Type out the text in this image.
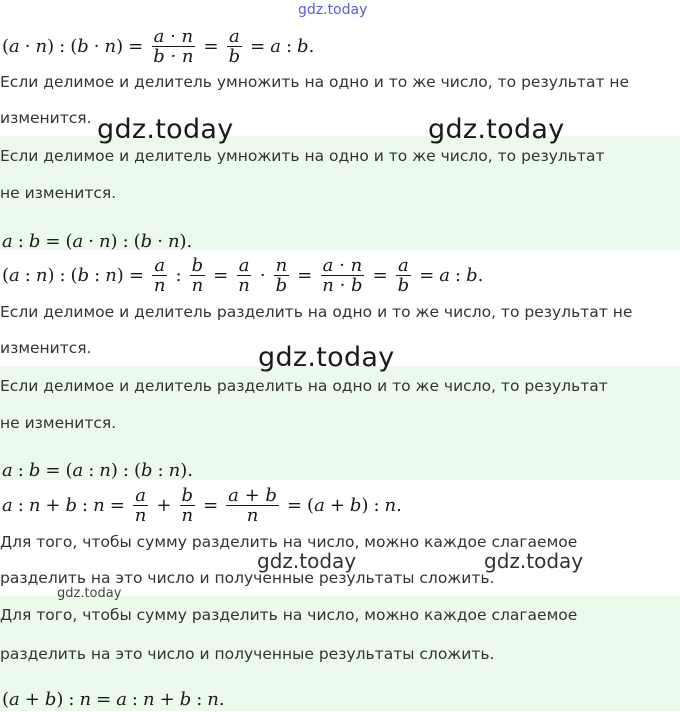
(a · n) : $(b \cdot n) = \frac{a \cdot n}{b \cdot n} = \frac{a}{b} = a$ : b .
Если делимое и делитель умножить на одно и то же число, то результат не
изменится.
Если делимое и делитель умножить на одно и то же число, то результат
не изменится.
a : b = ( a · n ) : ( b · n ).
( a : n ) : ( b : n ) = $\frac{a}{n}$ : $\frac{b}{n} = \frac{a}{n} \cdot \frac{n}{b} = \frac{a \cdot n}{n \cdot b} = \frac{a}{b} = a$ : b .
Если делимое и делитель разделить на одно и то же число, то результат не
изменится.
Если делимое и делитель разделить на одно и то же число, то результат
не изменится.
a : b = ( a : n ) : ( b : n ).
a : n + b : $n = \frac{a}{n} + \frac{b}{n} = \frac{a + b}{n}$ = ( a + b ) : n .
Для того, чтобы сумму разделить на число, можно каждое слагаемое
разделить на это число и полученные результаты сложить.
Для того, чтобы сумму разделить на число, можно каждое слагаемое
разделить на это число и полученные результаты сложить.
( a + b ) : n = a : n + b : n .
gdz.today
gdz.today	gdz.today
gdz.today
gdz.today	gdz.today
gdz.today
